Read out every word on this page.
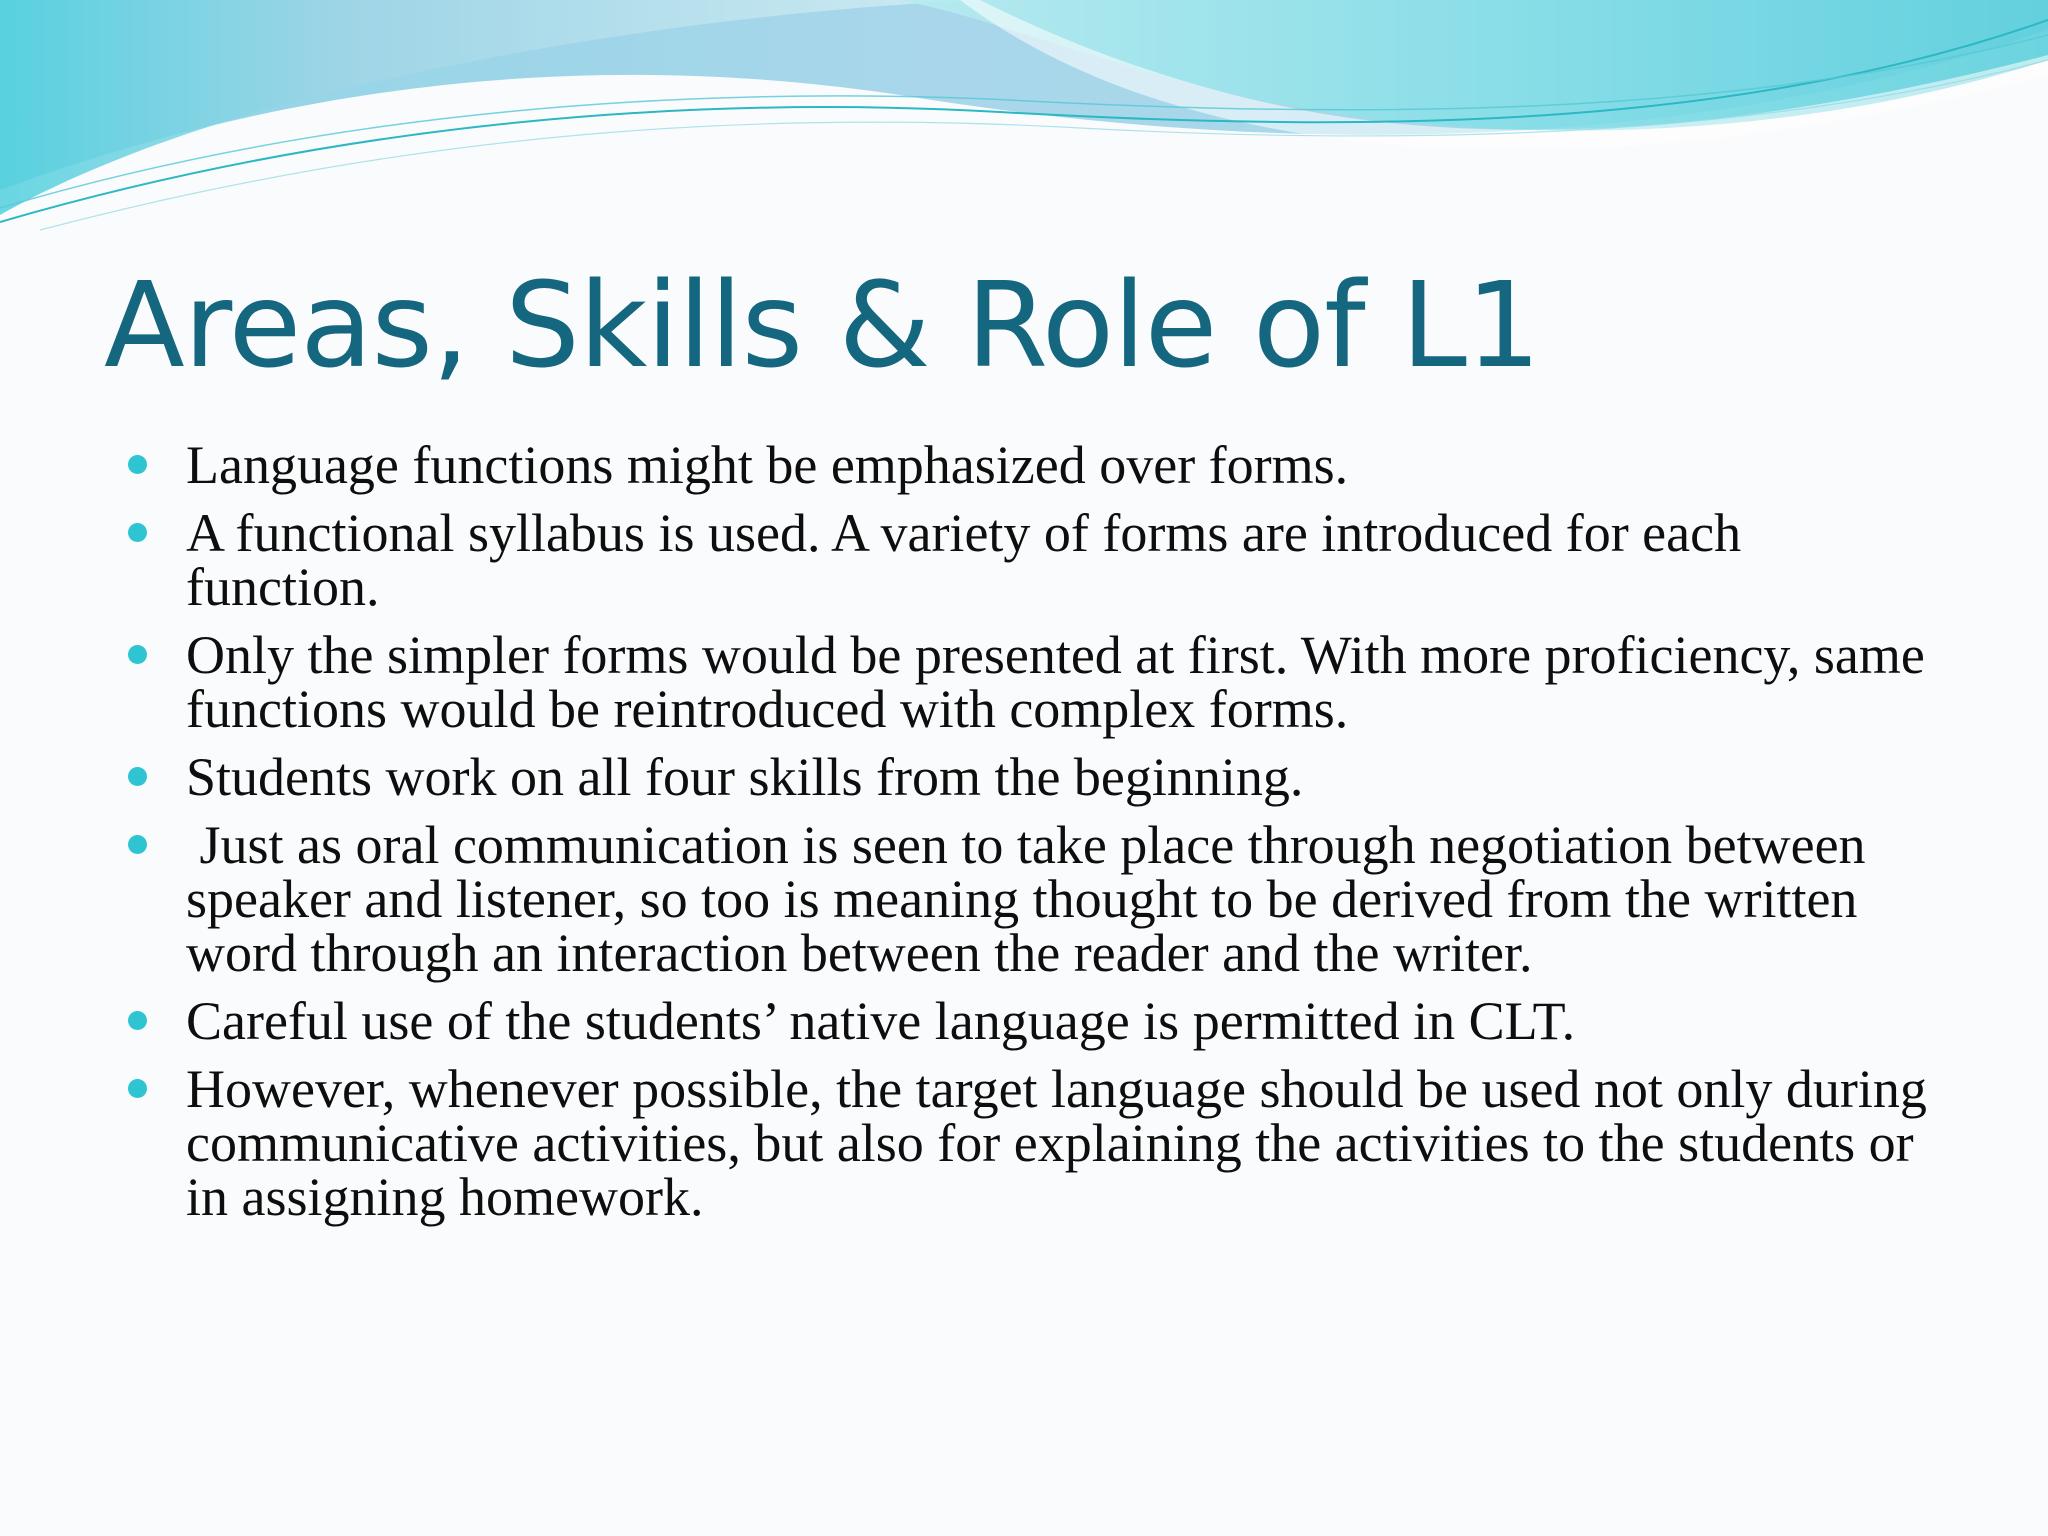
Areas, Skills & Role of L1
Language functions might be emphasized over forms.
A functional syllabus is used. A variety of forms are introduced for each function.
Only the simpler forms would be presented at first. With more proficiency, same functions would be reintroduced with complex forms.
Students work on all four skills from the beginning.
Just as oral communication is seen to take place through negotiation between speaker and listener, so too is meaning thought to be derived from the written word through an interaction between the reader and the writer.
Careful use of the students’ native language is permitted in CLT.
However, whenever possible, the target language should be used not only during communicative activities, but also for explaining the activities to the students or in assigning homework.
